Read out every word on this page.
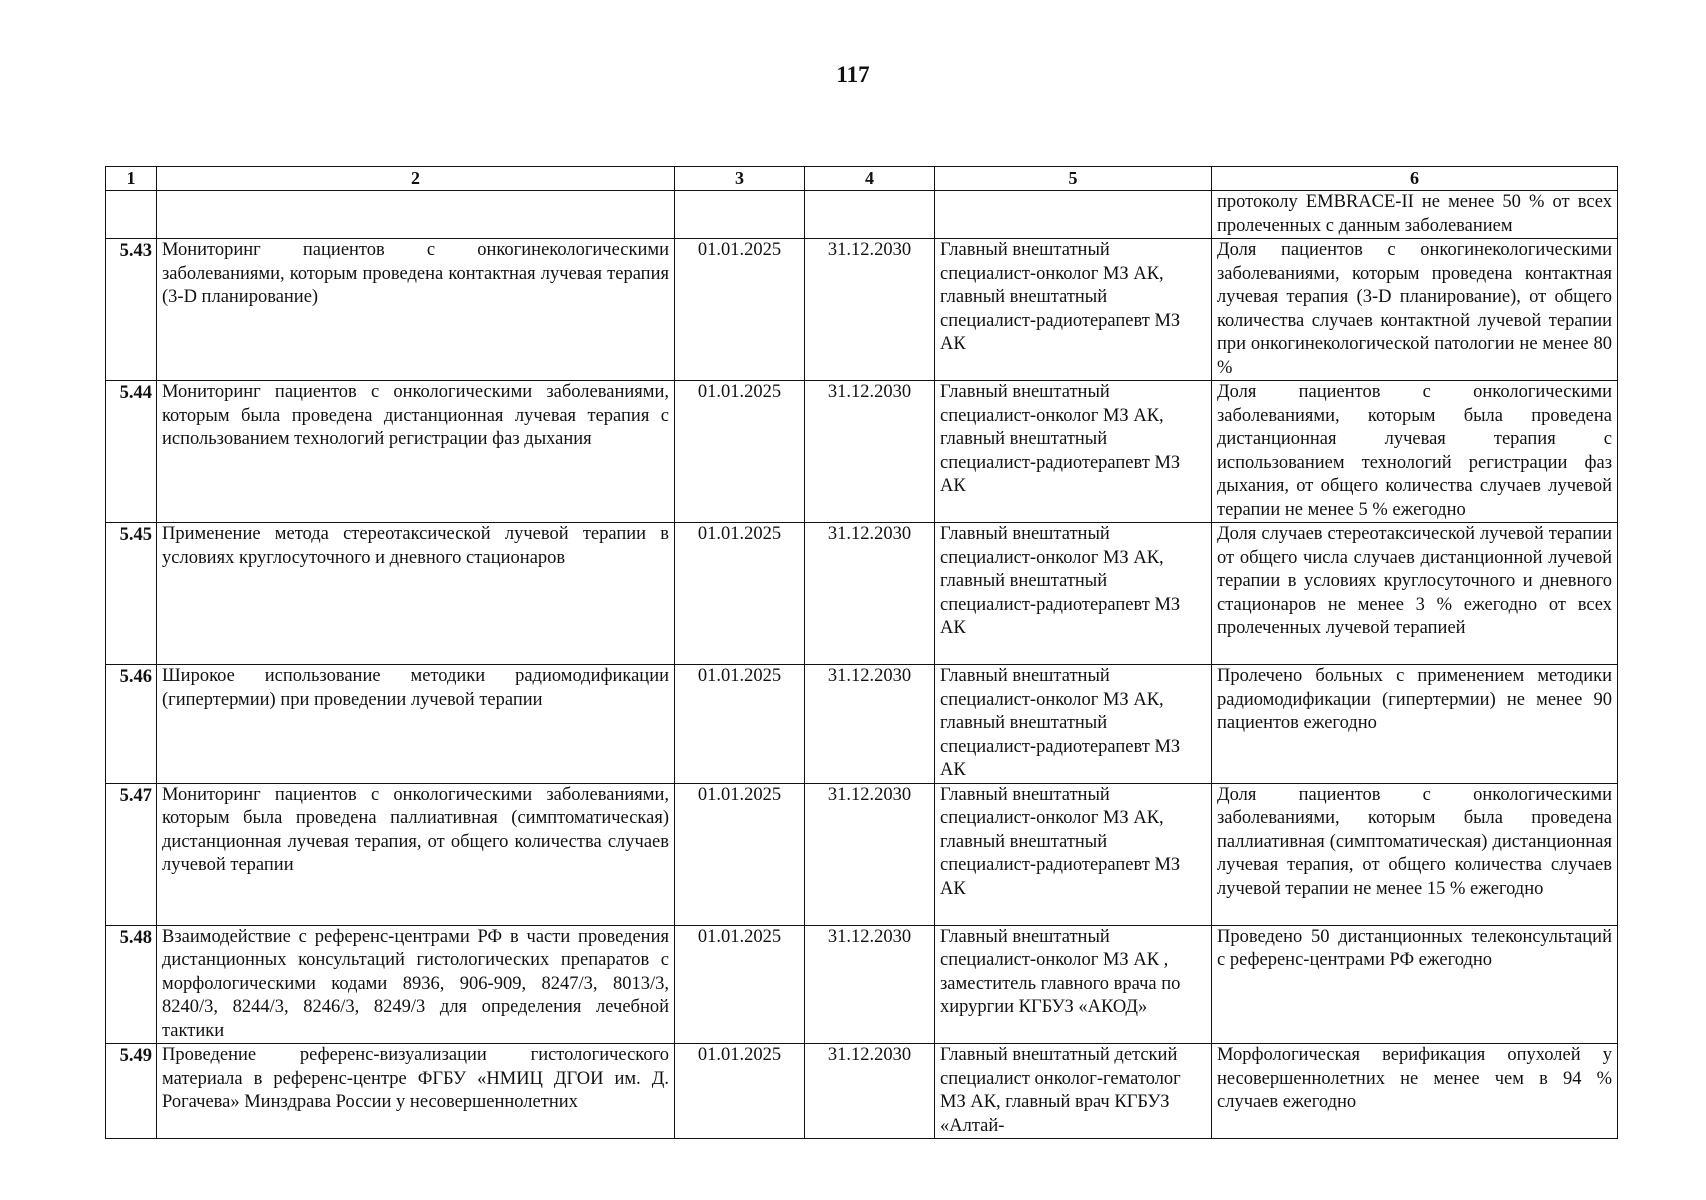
117
1	2	3	4	5	6
					протоколу EMBRACE-II не менее 50 % от всех пролеченных с данным заболеванием
5.43	Мониторинг пациентов с онкогинекологическими заболеваниями, которым проведена контактная лучевая терапия (3-D планирование)	01.01.2025	31.12.2030	Главный внештатный специалист-онколог МЗ АК, главный внештатный специалист-радиотерапевт МЗ АК	Доля пациентов с онкогинекологическими заболеваниями, которым проведена контактная лучевая терапия (3-D планирование), от общего количества случаев контактной лучевой терапии при онкогинекологической патологии не менее 80 %
5.44	Мониторинг пациентов с онкологическими заболеваниями, которым была проведена дистанционная лучевая терапия с использованием технологий регистрации фаз дыхания	01.01.2025	31.12.2030	Главный внештатный специалист-онколог МЗ АК, главный внештатный специалист-радиотерапевт МЗ АК	Доля пациентов с онкологическими заболеваниями, которым была проведена дистанционная лучевая терапия с использованием технологий регистрации фаз дыхания, от общего количества случаев лучевой терапии не менее 5 % ежегодно
5.45	Применение метода стереотаксической лучевой терапии в условиях круглосуточного и дневного стационаров	01.01.2025	31.12.2030	Главный внештатный специалист-онколог МЗ АК, главный внештатный специалист-радиотерапевт МЗ АК	Доля случаев стереотаксической лучевой терапии от общего числа случаев дистанционной лучевой терапии в условиях круглосуточного и дневного стационаров не менее 3 % ежегодно от всех пролеченных лучевой терапией
5.46	Широкое использование методики радиомодификации (гипертермии) при проведении лучевой терапии	01.01.2025	31.12.2030	Главный внештатный специалист-онколог МЗ АК, главный внештатный специалист-радиотерапевт МЗ АК	Пролечено больных с применением методики радиомодификации (гипертермии) не менее 90 пациентов ежегодно
5.47	Мониторинг пациентов с онкологическими заболеваниями, которым была проведена паллиативная (симптоматическая) дистанционная лучевая терапия, от общего количества случаев лучевой терапии	01.01.2025	31.12.2030	Главный внештатный специалист-онколог МЗ АК, главный внештатный специалист-радиотерапевт МЗ АК	Доля пациентов с онкологическими заболеваниями, которым была проведена паллиативная (симптоматическая) дистанционная лучевая терапия, от общего количества случаев лучевой терапии не менее 15 % ежегодно
5.48	Взаимодействие с референс-центрами РФ в части проведения дистанционных консультаций гистологических препаратов с морфологическими кодами 8936, 906-909, 8247/3, 8013/3, 8240/3, 8244/3, 8246/3, 8249/3 для определения лечебной тактики	01.01.2025	31.12.2030	Главный внештатный специалист-онколог МЗ АК , заместитель главного врача по хирургии КГБУЗ «АКОД»	Проведено 50 дистанционных телеконсультаций с референс-центрами РФ ежегодно
5.49	Проведение референс-визуализации гистологического материала в референс-центре ФГБУ «НМИЦ ДГОИ им. Д. Рогачева» Минздрава России у несовершеннолетних	01.01.2025	31.12.2030	Главный внештатный детский специалист онколог-гематолог МЗ АК, главный врач КГБУЗ «Алтай-	Морфологическая верификация опухолей у несовершеннолетних не менее чем в 94 % случаев ежегодно
